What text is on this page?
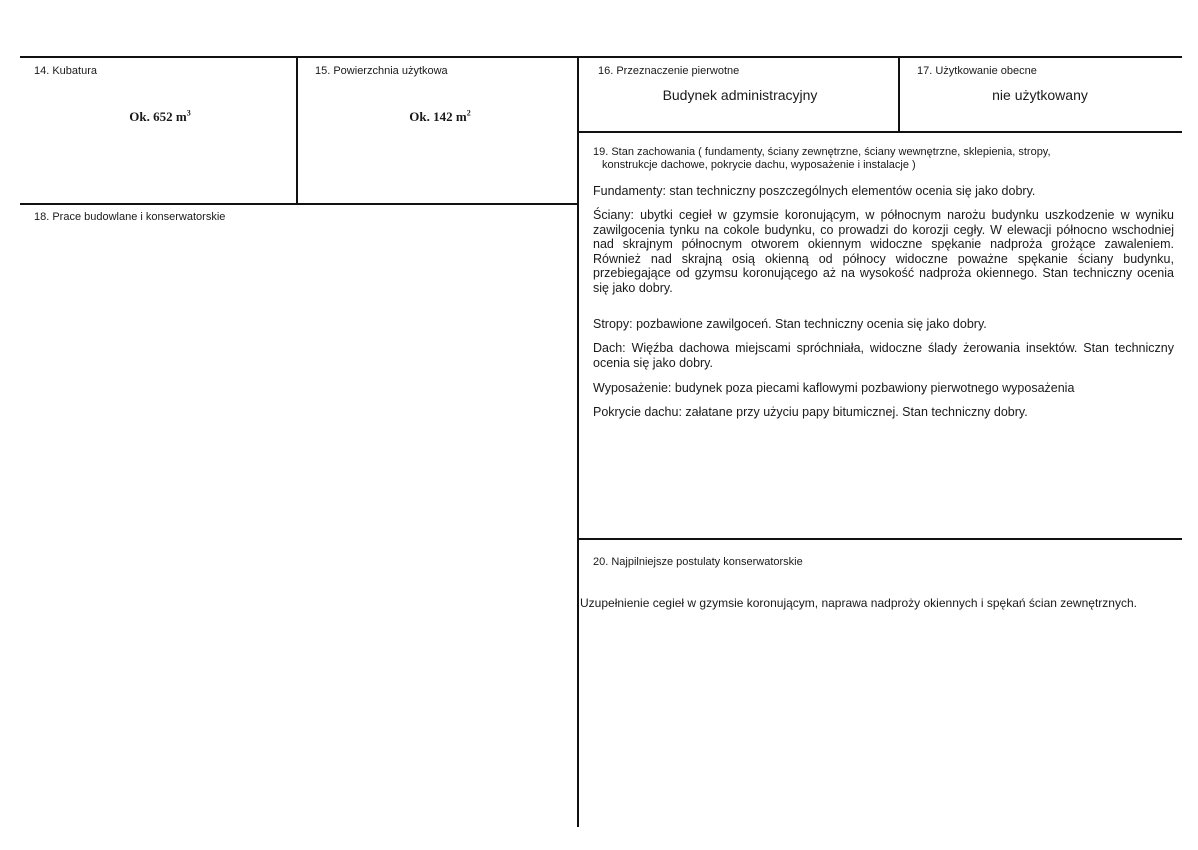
14. Kubatura
Ok. 652 $m^3$
15. Powierzchnia użytkowa
Ok. 142 $m^2$
16. Przeznaczenie pierwotne
Budynek administracyjny
17. Użytkowanie obecne
nie użytkowany
18. Prace budowlane i konserwatorskie
19. Stan zachowania ( fundamenty, ściany zewnętrzne, ściany wewnętrzne, sklepienia, stropy,
konstrukcje dachowe, pokrycie dachu, wyposażenie i instalacje )

Fundamenty: stan techniczny poszczególnych elementów ocenia się jako dobry.

Ściany: ubytki cegieł w gzymsie koronującym, w północnym narożu budynku uszkodzenie w wyniku zawilgocenia tynku na cokole budynku, co prowadzi do korozji cegły. W elewacji północno wschodniej nad skrajnym północnym otworem okiennym widoczne spękanie nadproża grożące zawaleniem. Również nad skrajną osią okienną od północy widoczne poważne spękanie ściany budynku, przebiegające od gzymsu koronującego aż na wysokość nadproża okiennego. Stan techniczny ocenia się jako dobry.

Stropy: pozbawione zawilgoceń. Stan techniczny ocenia się jako dobry.

Dach: Więźba dachowa miejscami spróchniała, widoczne ślady żerowania insektów. Stan techniczny ocenia się jako dobry.

Wyposażenie: budynek poza piecami kaflowymi pozbawiony pierwotnego wyposażenia

Pokrycie dachu: załatane przy użyciu papy bitumicznej. Stan techniczny dobry.

20. Najpilniejsze postulaty konserwatorskie

Uzupełnienie cegieł w gzymsie koronującym, naprawa nadproży okiennych i spękań ścian zewnętrznych.
